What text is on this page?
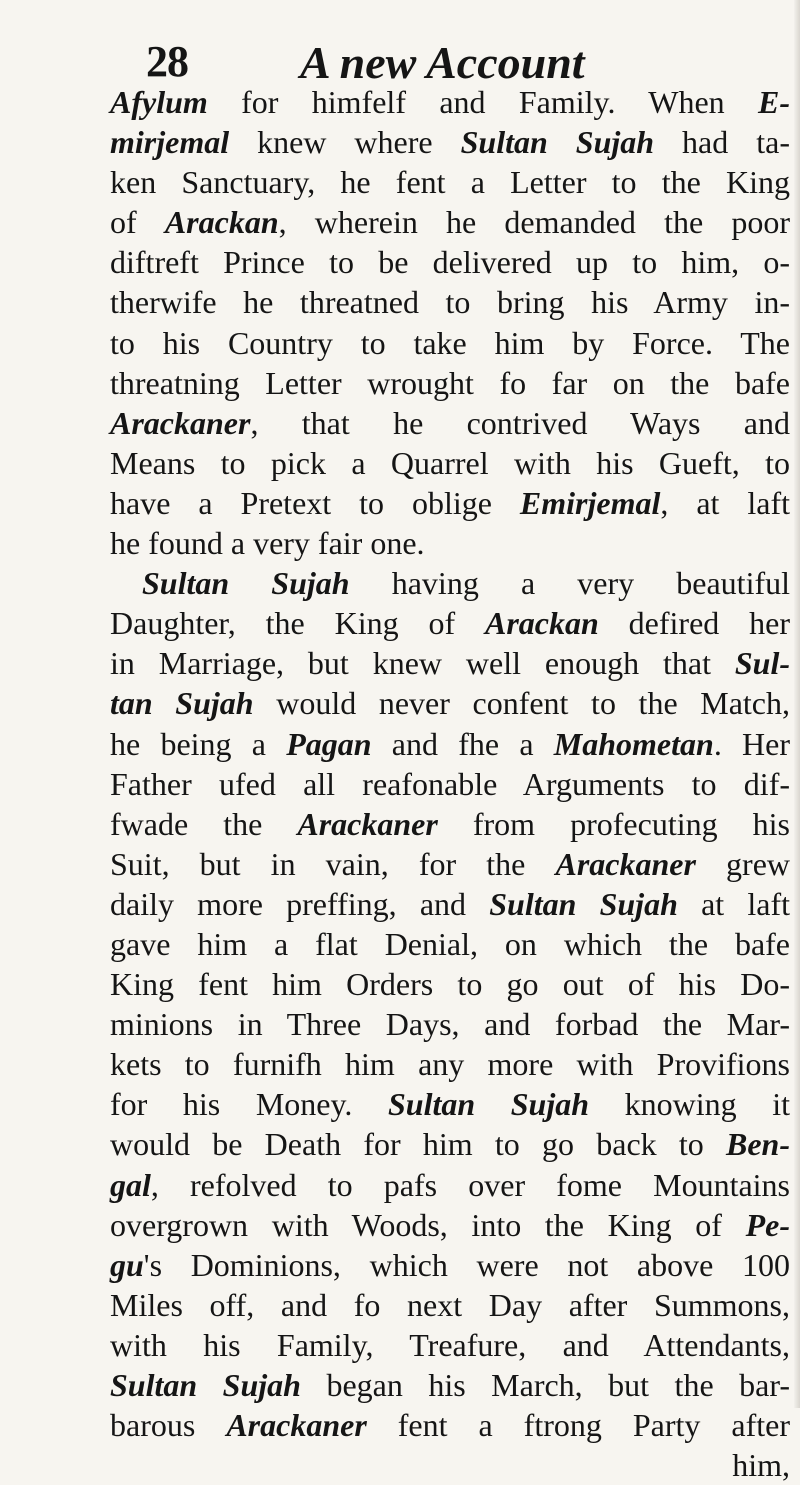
28 A new Account
Afylum for himfelf and Family. When E-
mirjemal knew where Sultan Sujah had ta-
ken Sanctuary, he fent a Letter to the King
of Arackan, wherein he demanded the poor
diftreft Prince to be delivered up to him, o-
therwife he threatned to bring his Army in-
to his Country to take him by Force. The
threatning Letter wrought fo far on the bafe
Arackaner, that he contrived Ways and
Means to pick a Quarrel with his Gueft, to
have a Pretext to oblige Emirjemal, at laft
he found a very fair one.
Sultan Sujah having a very beautiful
Daughter, the King of Arackan defired her
in Marriage, but knew well enough that Sul-
tan Sujah would never confent to the Match,
he being a Pagan and fhe a Mahometan. Her
Father ufed all reafonable Arguments to dif-
fwade the Arackaner from profecuting his
Suit, but in vain, for the Arackaner grew
daily more preffing, and Sultan Sujah at laft
gave him a flat Denial, on which the bafe
King fent him Orders to go out of his Do-
minions in Three Days, and forbad the Mar-
kets to furnifh him any more with Provifions
for his Money. Sultan Sujah knowing it
would be Death for him to go back to Ben-
gal, refolved to pafs over fome Mountains
overgrown with Woods, into the King of Pe-
gu's Dominions, which were not above 100
Miles off, and fo next Day after Summons,
with his Family, Treafure, and Attendants,
Sultan Sujah began his March, but the bar-
barous Arackaner fent a ftrong Party after
him,
